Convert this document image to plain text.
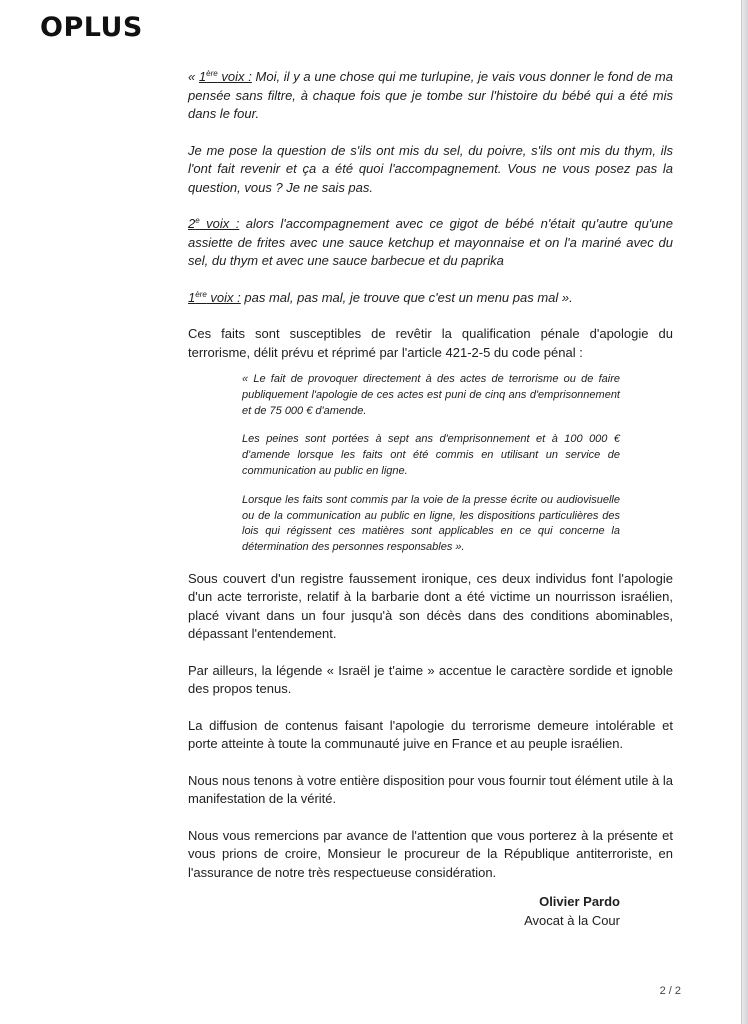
OPLUS

« 1ère voix : Moi, il y a une chose qui me turlupine, je vais vous donner le fond de ma pensée sans filtre, à chaque fois que je tombe sur l'histoire du bébé qui a été mis dans le four.

Je me pose la question de s'ils ont mis du sel, du poivre, s'ils ont mis du thym, ils l'ont fait revenir et ça a été quoi l'accompagnement. Vous ne vous posez pas la question, vous ? Je ne sais pas.

2e voix : alors l'accompagnement avec ce gigot de bébé n'était qu'autre qu'une assiette de frites avec une sauce ketchup et mayonnaise et on l'a mariné avec du sel, du thym et avec une sauce barbecue et du paprika

1ère voix : pas mal, pas mal, je trouve que c'est un menu pas mal ».

Ces faits sont susceptibles de revêtir la qualification pénale d'apologie du terrorisme, délit prévu et réprimé par l'article 421-2-5 du code pénal :

« Le fait de provoquer directement à des actes de terrorisme ou de faire publiquement l'apologie de ces actes est puni de cinq ans d'emprisonnement et de 75 000 € d'amende.

Les peines sont portées à sept ans d'emprisonnement et à 100 000 € d'amende lorsque les faits ont été commis en utilisant un service de communication au public en ligne.

Lorsque les faits sont commis par la voie de la presse écrite ou audiovisuelle ou de la communication au public en ligne, les dispositions particulières des lois qui régissent ces matières sont applicables en ce qui concerne la détermination des personnes responsables ».

Sous couvert d'un registre faussement ironique, ces deux individus font l'apologie d'un acte terroriste, relatif à la barbarie dont a été victime un nourrisson israélien, placé vivant dans un four jusqu'à son décès dans des conditions abominables, dépassant l'entendement.

Par ailleurs, la légende « Israël je t'aime » accentue le caractère sordide et ignoble des propos tenus.

La diffusion de contenus faisant l'apologie du terrorisme demeure intolérable et porte atteinte à toute la communauté juive en France et au peuple israélien.

Nous nous tenons à votre entière disposition pour vous fournir tout élément utile à la manifestation de la vérité.

Nous vous remercions par avance de l'attention que vous porterez à la présente et vous prions de croire, Monsieur le procureur de la République antiterroriste, en l'assurance de notre très respectueuse considération.

Olivier Pardo
Avocat à la Cour
2 / 2
